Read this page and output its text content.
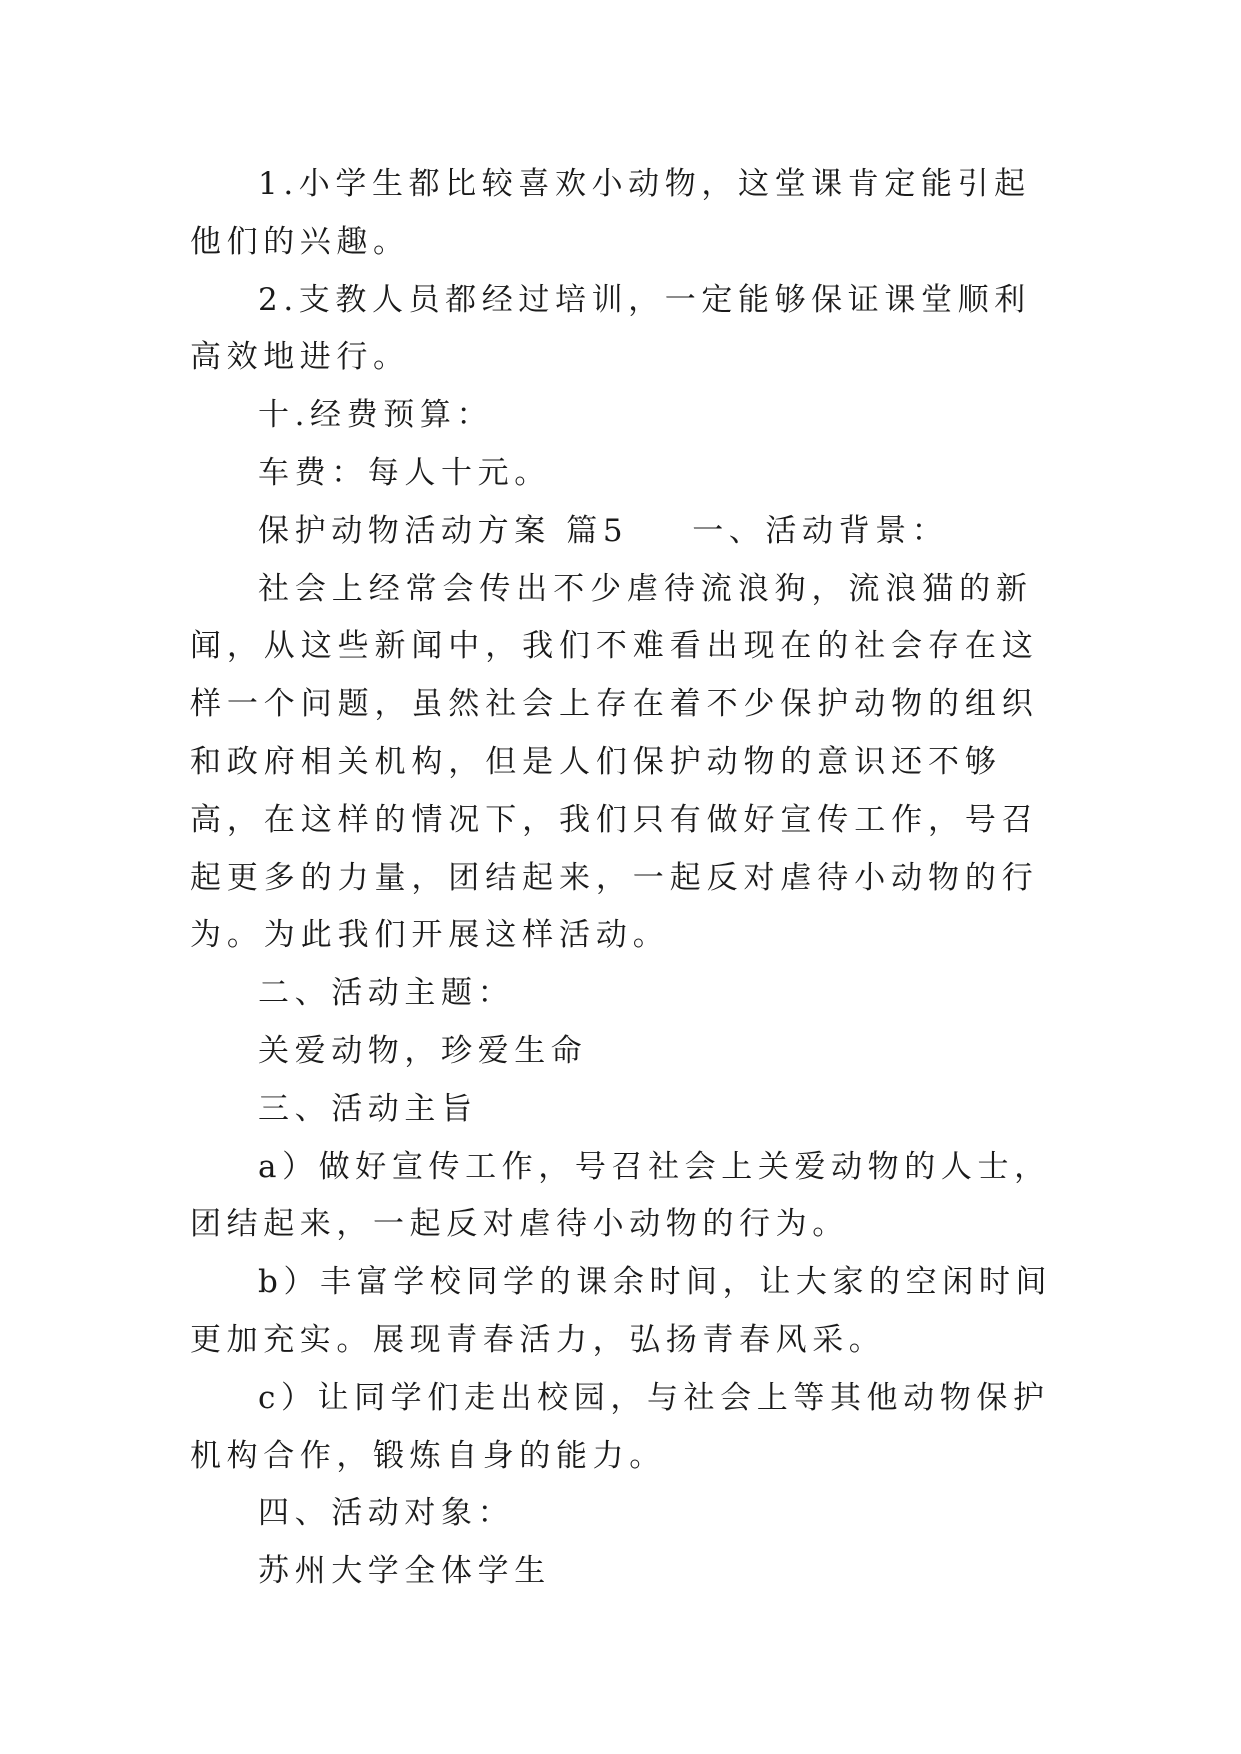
1.小学生都比较喜欢小动物，这堂课肯定能引起他们的兴趣。

2.支教人员都经过培训，一定能够保证课堂顺利高效地进行。

十.经费预算：

车费：每人十元。

保护动物活动方案 篇5 一、活动背景：

社会上经常会传出不少虐待流浪狗，流浪猫的新闻，从这些新闻中，我们不难看出现在的社会存在这样一个问题，虽然社会上存在着不少保护动物的组织和政府相关机构，但是人们保护动物的意识还不够高，在这样的情况下，我们只有做好宣传工作，号召起更多的力量，团结起来，一起反对虐待小动物的行为。为此我们开展这样活动。

二、活动主题：

关爱动物，珍爱生命

三、活动主旨

a）做好宣传工作，号召社会上关爱动物的人士，团结起来，一起反对虐待小动物的行为。

b）丰富学校同学的课余时间，让大家的空闲时间更加充实。展现青春活力，弘扬青春风采。

c）让同学们走出校园，与社会上等其他动物保护机构合作，锻炼自身的能力。

四、活动对象：

苏州大学全体学生
